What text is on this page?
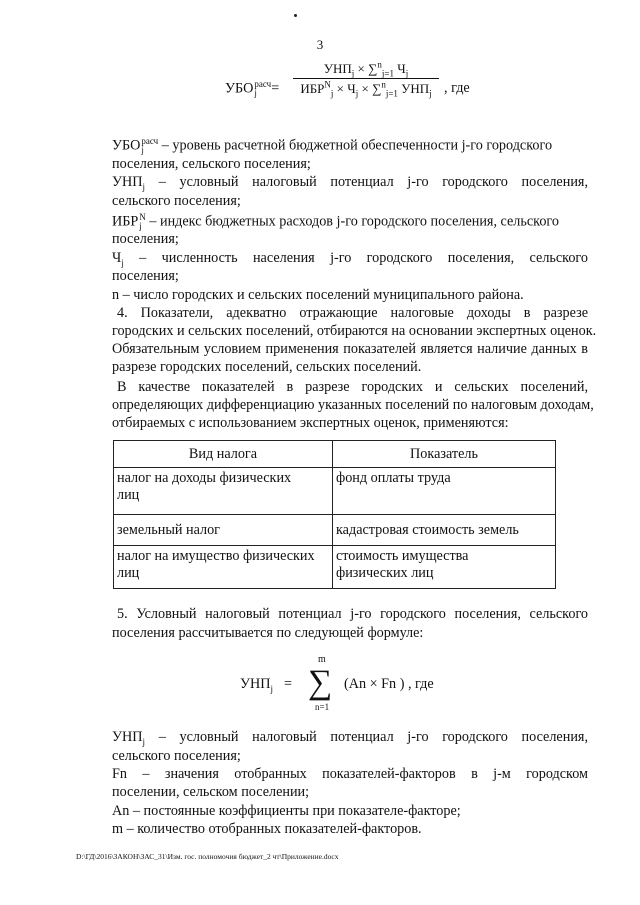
3
УБОрасч
j =
$УНП_j \times \sum^n_{j=1}$ $Ч_j$
$ИБР^N_j \times Ч_j \times \sum^n_{j=1}$ $УНП_j$ , где
УБОрасч
j – уровень расчетной бюджетной обеспеченности j-го городского
поселения, сельского поселения;
$УНП_j$ – условный налоговый потенциал j-го городского поселения,
сельского поселения;
ИБРN
j – индекс бюджетных расходов j-го городского поселения, сельского
поселения;
$Ч_j$ – численность населения j-го городского поселения, сельского
поселения;
n – число городских и сельских поселений муниципального района.
4. Показатели, адекватно отражающие налоговые доходы в разрезе
городских и сельских поселений, отбираются на основании экспертных оценок.
Обязательным условием применения показателей является наличие данных в
разрезе городских поселений, сельских поселений.
В качестве показателей в разрезе городских и сельских поселений,
определяющих дифференциацию указанных поселений по налоговым доходам,
отбираемых с использованием экспертных оценок, применяются:
Вид налога	Показатель
налог на доходы физических
лиц	фонд оплаты труда

земельный налог	кадастровая стоимость земель
налог на имущество физических
лиц	стоимость имущества
физических лиц
5. Условный налоговый потенциал j-го городского поселения, сельского
поселения рассчитывается по следующей формуле:
$УНП_j$ =
m
∑
n=1
(An × Fn ) , где
$УНП_j$ – условный налоговый потенциал j-го городского поселения,
сельского поселения;
Fn – значения отобранных показателей-факторов в j-м городском
поселении, сельском поселении;
An – постоянные коэффициенты при показателе-факторе;
m – количество отобранных показателей-факторов.
D:\ГД\2016\ЗАКОН\ЗАС_31\Изм. гос. полномочия бюджет_2 чт\Приложение.docx
